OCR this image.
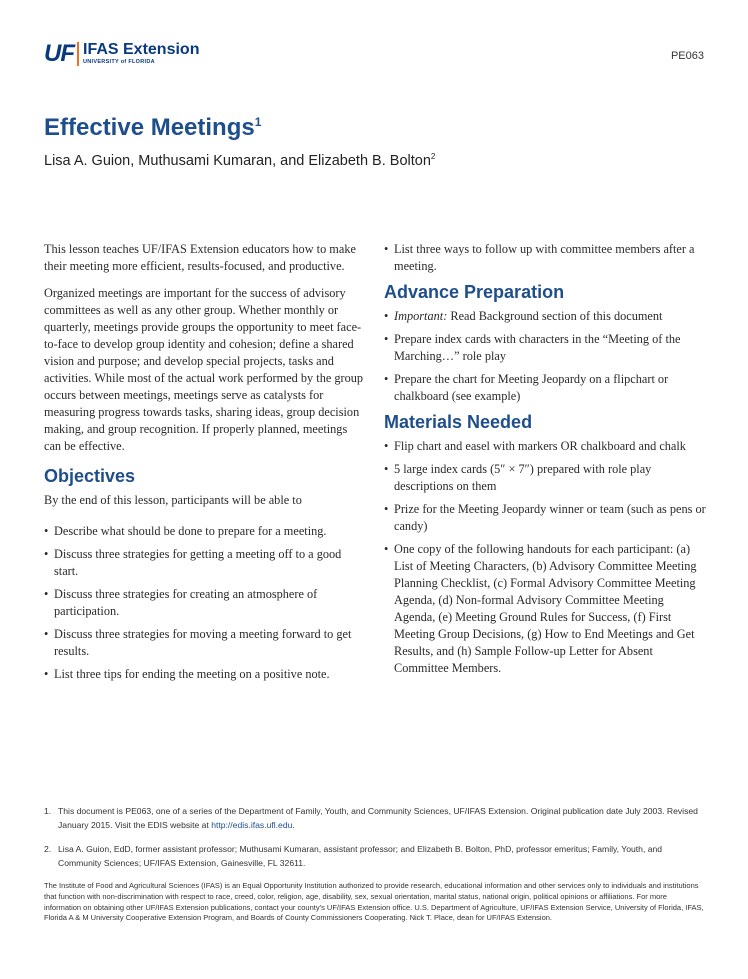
UF IFAS Extension
UNIVERSITY of FLORIDA	PE063
Effective Meetings$^1$
Lisa A. Guion, Muthusami Kumaran, and Elizabeth B. Bolton$^2$

This lesson teaches UF/IFAS Extension educators how to make their meeting more efficient, results-focused, and productive.

Organized meetings are important for the success of advisory committees as well as any other group. Whether monthly or quarterly, meetings provide groups the opportunity to meet face-to-face to develop group identity and cohesion; define a shared vision and purpose; and develop special projects, tasks and activities. While most of the actual work performed by the group occurs between meetings, meetings serve as catalysts for measuring progress towards tasks, sharing ideas, group decision making, and group recognition. If properly planned, meetings can be effective.

Objectives

By the end of this lesson, participants will be able to

• Describe what should be done to prepare for a meeting.
• Discuss three strategies for getting a meeting off to a good start.
• Discuss three strategies for creating an atmosphere of participation.
• Discuss three strategies for moving a meeting forward to get results.
• List three tips for ending the meeting on a positive note.
• List three ways to follow up with committee members after a meeting.
Advance Preparation
• Important: Read Background section of this document
• Prepare index cards with characters in the “Meeting of the Marching…” role play
• Prepare the chart for Meeting Jeopardy on a flipchart or chalkboard (see example)
Materials Needed
• Flip chart and easel with markers OR chalkboard and chalk
• 5 large index cards (5″ × 7″) prepared with role play descriptions on them
• Prize for the Meeting Jeopardy winner or team (such as pens or candy)
• One copy of the following handouts for each participant: (a) List of Meeting Characters, (b) Advisory Committee Meeting Planning Checklist, (c) Formal Advisory Committee Meeting Agenda, (d) Non-formal Advisory Committee Meeting Agenda, (e) Meeting Ground Rules for Success, (f) First Meeting Group Decisions, (g) How to End Meetings and Get Results, and (h) Sample Follow-up Letter for Absent Committee Members.
1. This document is PE063, one of a series of the Department of Family, Youth, and Community Sciences, UF/IFAS Extension. Original publication date July 2003. Revised January 2015. Visit the EDIS website at http://edis.ifas.ufl.edu.
2. Lisa A. Guion, EdD, former assistant professor; Muthusami Kumaran, assistant professor; and Elizabeth B. Bolton, PhD, professor emeritus; Family, Youth, and Community Sciences; UF/IFAS Extension, Gainesville, FL 32611.
The Institute of Food and Agricultural Sciences (IFAS) is an Equal Opportunity Institution authorized to provide research, educational information and other services only to individuals and institutions that function with non-discrimination with respect to race, creed, color, religion, age, disability, sex, sexual orientation, marital status, national origin, political opinions or affiliations. For more information on obtaining other UF/IFAS Extension publications, contact your county’s UF/IFAS Extension office. U.S. Department of Agriculture, UF/IFAS Extension Service, University of Florida, IFAS, Florida A & M University Cooperative Extension Program, and Boards of County Commissioners Cooperating. Nick T. Place, dean for UF/IFAS Extension.
